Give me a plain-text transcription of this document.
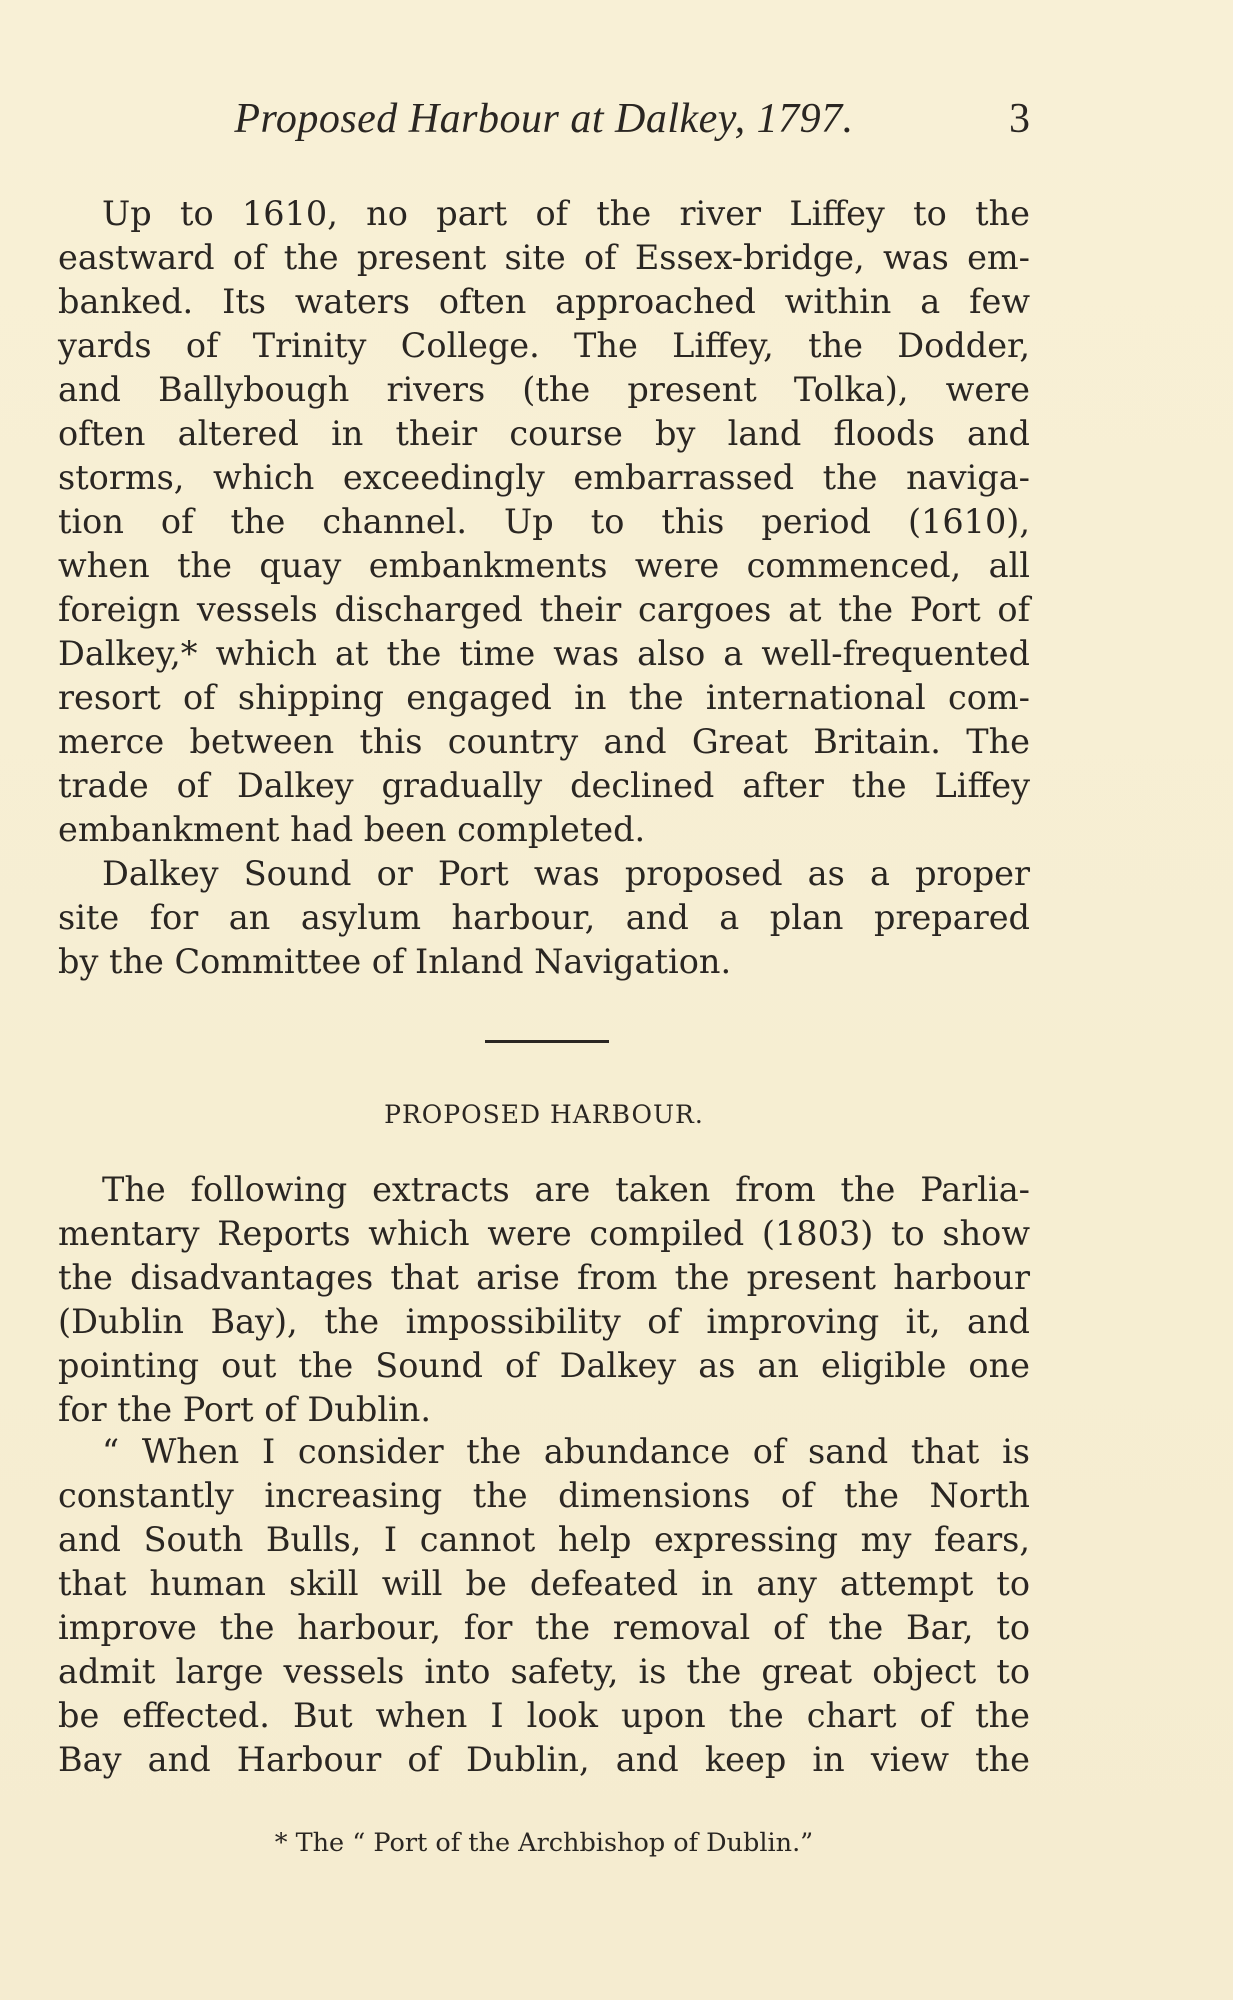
Proposed Harbour at Dalkey, 1797.	3
Up to 1610, no part of the river Liffey to the
eastward of the present site of Essex-bridge, was em-
banked. Its waters often approached within a few
yards of Trinity College. The Liffey, the Dodder,
and Ballybough rivers (the present Tolka), were
often altered in their course by land floods and
storms, which exceedingly embarrassed the naviga-
tion of the channel. Up to this period (1610),
when the quay embankments were commenced, all
foreign vessels discharged their cargoes at the Port of
Dalkey,* which at the time was also a well-frequented
resort of shipping engaged in the international com-
merce between this country and Great Britain. The
trade of Dalkey gradually declined after the Liffey
embankment had been completed.
Dalkey Sound or Port was proposed as a proper
site for an asylum harbour, and a plan prepared
by the Committee of Inland Navigation.
PROPOSED HARBOUR.
The following extracts are taken from the Parlia-
mentary Reports which were compiled (1803) to show
the disadvantages that arise from the present harbour
(Dublin Bay), the impossibility of improving it, and
pointing out the Sound of Dalkey as an eligible one
for the Port of Dublin.
“ When I consider the abundance of sand that is
constantly increasing the dimensions of the North
and South Bulls, I cannot help expressing my fears,
that human skill will be defeated in any attempt to
improve the harbour, for the removal of the Bar, to
admit large vessels into safety, is the great object to
be effected. But when I look upon the chart of the
Bay and Harbour of Dublin, and keep in view the
* The “ Port of the Archbishop of Dublin.”
